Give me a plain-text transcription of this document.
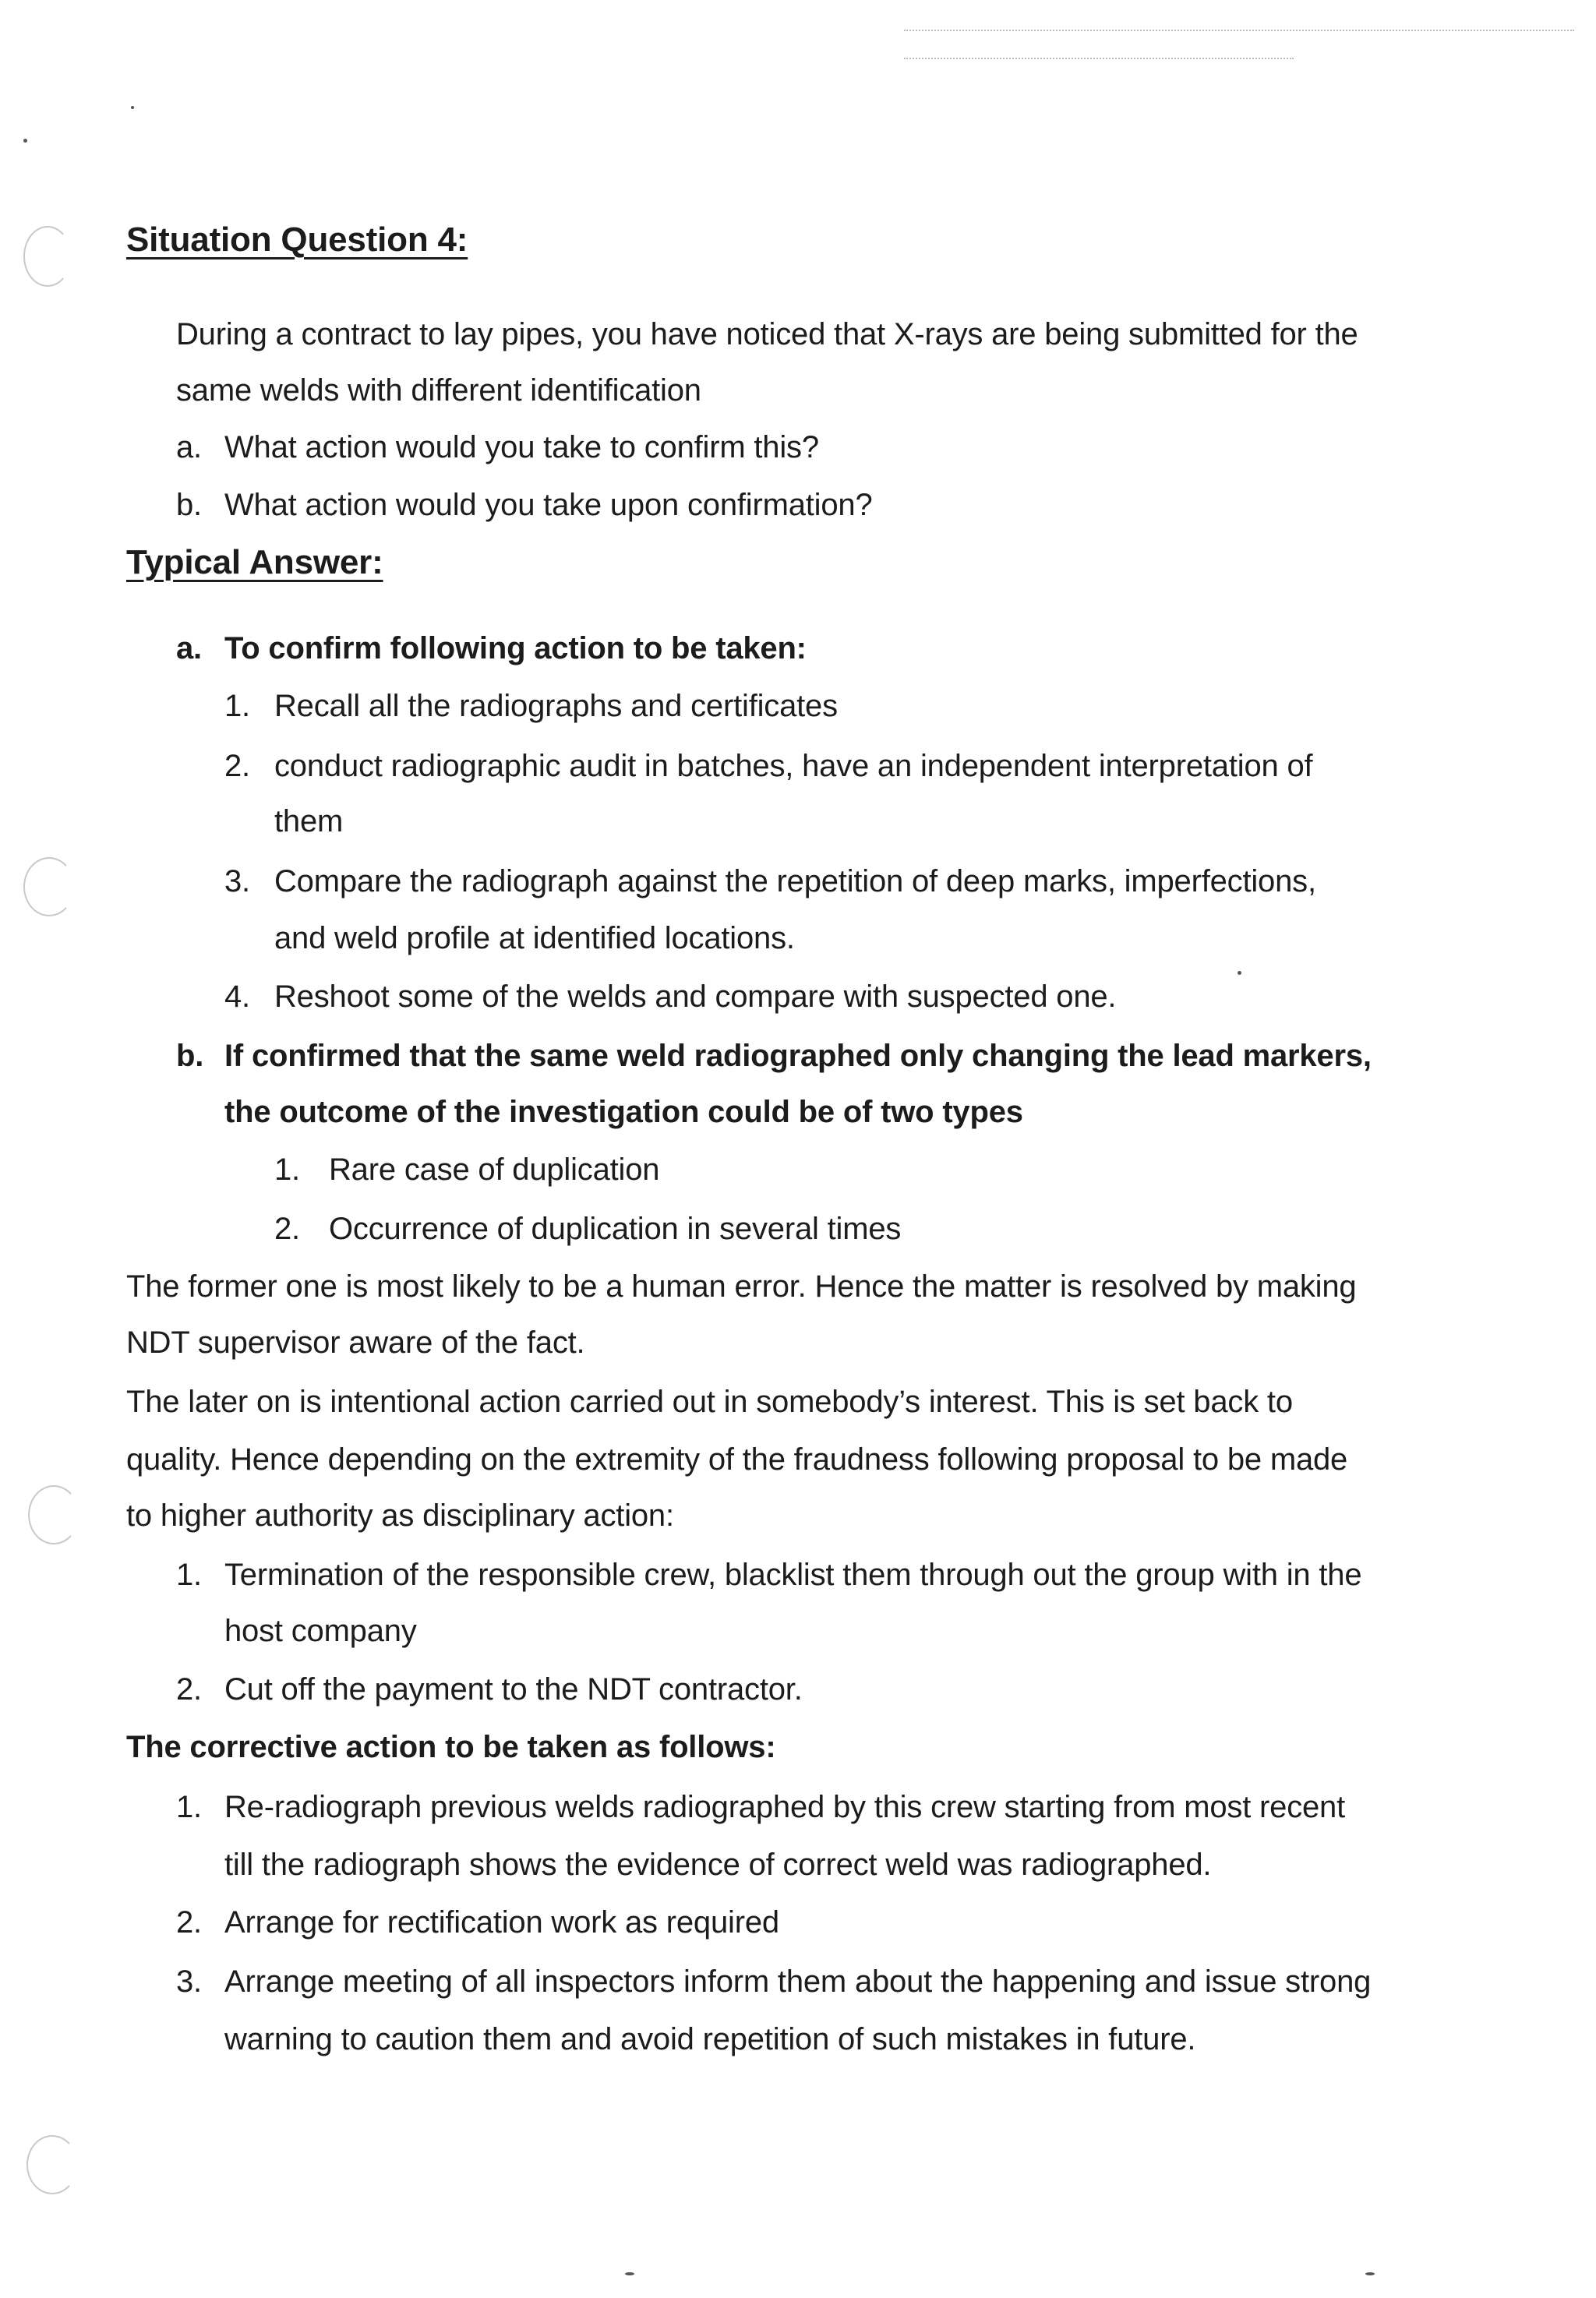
Situation Question 4:
During a contract to lay pipes, you have noticed that X-rays are being submitted for the
same welds with different identification
a. What action would you take to confirm this?
b. What action would you take upon confirmation?
Typical Answer:
a. To confirm following action to be taken:
1. Recall all the radiographs and certificates
2. conduct radiographic audit in batches, have an independent interpretation of
them
3. Compare the radiograph against the repetition of deep marks, imperfections,
and weld profile at identified locations.
4. Reshoot some of the welds and compare with suspected one.
b. If confirmed that the same weld radiographed only changing the lead markers,
the outcome of the investigation could be of two types
1. Rare case of duplication
2. Occurrence of duplication in several times
The former one is most likely to be a human error. Hence the matter is resolved by making
NDT supervisor aware of the fact.
The later on is intentional action carried out in somebody’s interest. This is set back to
quality. Hence depending on the extremity of the fraudness following proposal to be made
to higher authority as disciplinary action:
1. Termination of the responsible crew, blacklist them through out the group with in the
host company
2. Cut off the payment to the NDT contractor.
The corrective action to be taken as follows:
1. Re-radiograph previous welds radiographed by this crew starting from most recent
till the radiograph shows the evidence of correct weld was radiographed.
2. Arrange for rectification work as required
3. Arrange meeting of all inspectors inform them about the happening and issue strong
warning to caution them and avoid repetition of such mistakes in future.
